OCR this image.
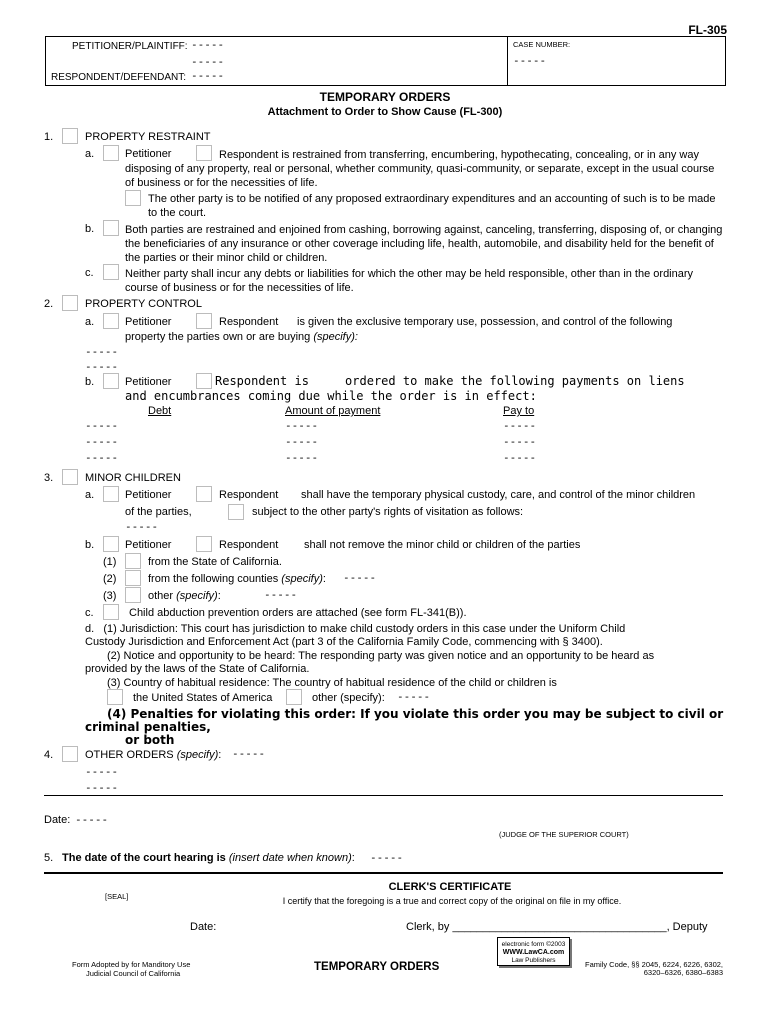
FL-305
PETITIONER/PLAINTIFF: -----
-----
RESPONDENT/DEFENDANT: -----
CASE NUMBER:
-----
TEMPORARY ORDERS
Attachment to Order to Show Cause (FL-300)
1.	PROPERTY RESTRAINT
a.	Petitioner	Respondent is restrained from transferring, encumbering, hypothecating, concealing, or in any way disposing of any property, real or personal, whether community, quasi-community, or separate, except in the usual course of business or for the necessities of life.
The other party is to be notified of any proposed extraordinary expenditures and an accounting of such is to be made to the court.
b.	Both parties are restrained and enjoined from cashing, borrowing against, canceling, transferring, disposing of, or changing the beneficiaries of any insurance or other coverage including life, health, automobile, and disability held for the benefit of the parties or their minor child or children.
c.	Neither party shall incur any debts or liabilities for which the other may be held responsible, other than in the ordinary course of business or for the necessities of life.
2.	PROPERTY CONTROL
a.	Petitioner	Respondent is given the exclusive temporary use, possession, and control of the following
property the parties own or are buying (specify):
-----
-----
b.	Petitioner	Respondent is     ordered to make the following payments on liens
and encumbrances coming due while the order is in effect:
Debt	Amount of payment	Pay to
-----	-----	-----
-----	-----	-----
-----	-----	-----
3.	MINOR CHILDREN
a.	Petitioner	Respondent shall have the temporary physical custody, care, and control of the minor children
of the parties,	subject to the other party's rights of visitation as follows:
-----
b.	Petitioner	Respondent shall not remove the minor child or children of the parties
(1)	from the State of California.
(2)	from the following counties (specify): -----
(3)	other (specify):	-----
c.	Child abduction prevention orders are attached (see form FL-341(B)).
d.   (1) Jurisdiction: This court has jurisdiction to make child custody orders in this case under the Uniform Child
Custody Jurisdiction and Enforcement Act (part 3 of the California Family Code, commencing with § 3400).
(2) Notice and opportunity to be heard: The responding party was given notice and an opportunity to be heard as
provided by the laws of the State of California.
(3) Country of habitual residence: The country of habitual residence of the child or children is
the United States of America	other (specify): -----
(4) Penalties for violating this order: If you violate this order you may be subject to civil or
criminal penalties,
or both
4.	OTHER ORDERS (specify): -----
-----
-----
Date: -----
(JUDGE OF THE SUPERIOR COURT)
5. The date of the court hearing is (insert date when known): -----
CLERK'S CERTIFICATE
[SEAL]	I certify that the foregoing is a true and correct copy of the original on file in my office.
Date:	Clerk, by ___________________________________, Deputy
Form Adopted by for Manditory Use
Judicial Council of California
TEMPORARY ORDERS
electronic form ©2003
WWW.LawCA.com
Law Publishers	Family Code, §§ 2045, 6224, 6226, 6302,
6320–6326, 6380–6383
